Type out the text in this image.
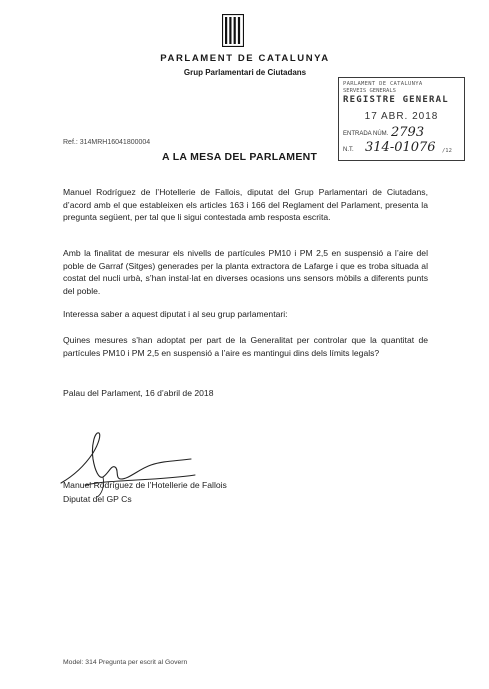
PARLAMENT DE CATALUNYA
Grup Parlamentari de Ciutadans
PARLAMENT DE CATALUNYA
SERVEIS GENERALS
REGISTRE GENERAL
17 ABR. 2018
ENTRADA NÚM. 2793
N.T. 314-01076 /12
Ref.: 314MRH16041800004
A LA MESA DEL PARLAMENT
Manuel Rodríguez de l’Hotellerie de Fallois, diputat del Grup Parlamentari de Ciutadans, d’acord amb el que estableixen els articles 163 i 166 del Reglament del Parlament, presenta la pregunta següent, per tal que li sigui contestada amb resposta escrita.
Amb la finalitat de mesurar els nivells de partícules PM10 i PM 2,5 en suspensió a l’aire del poble de Garraf (Sitges) generades per la planta extractora de Lafarge i que es troba situada al costat del nucli urbà, s’han instal·lat en diverses ocasions uns sensors mòbils a diferents punts del poble.
Interessa saber a aquest diputat i al seu grup parlamentari:
Quines mesures s’han adoptat per part de la Generalitat per controlar que la quantitat de partícules PM10 i PM 2,5 en suspensió a l’aire es mantingui dins dels límits legals?
Palau del Parlament, 16 d’abril de 2018
Manuel Rodríguez de l’Hotellerie de Fallois
Diputat del GP Cs
Model: 314 Pregunta per escrit al Govern
